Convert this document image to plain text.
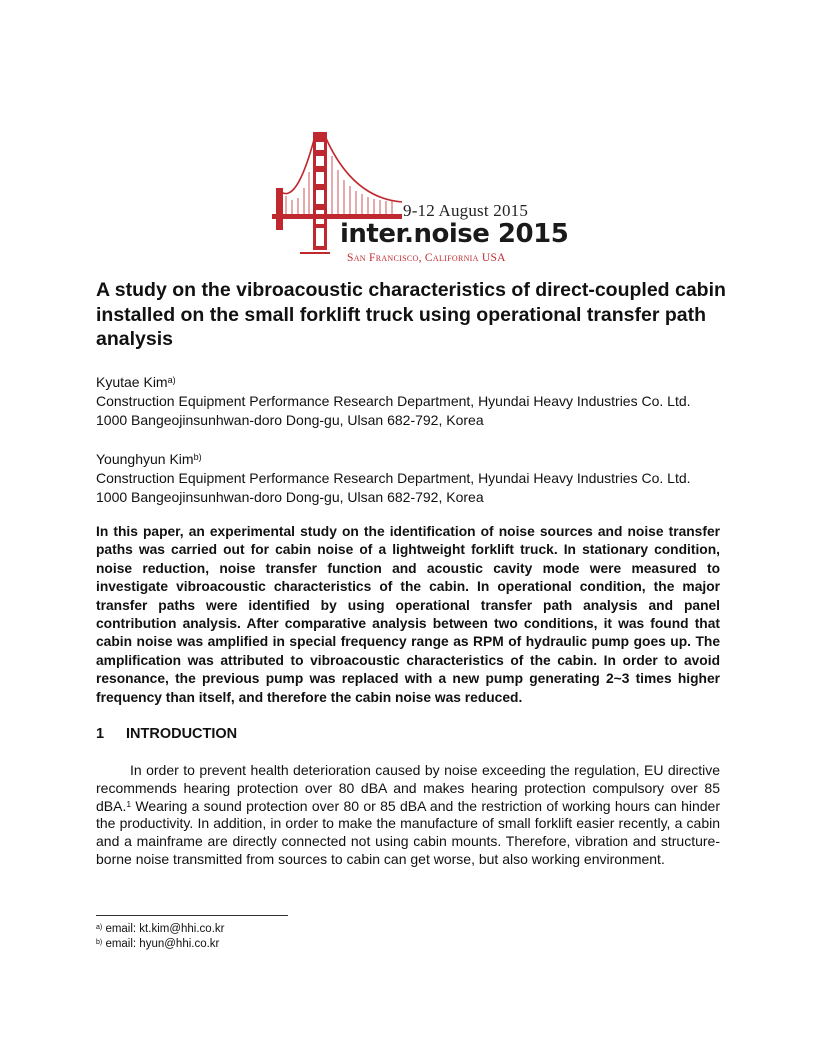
9-12 August 2015
inter.noise 2015
San Francisco, California USA
A study on the vibroacoustic characteristics of direct-coupled cabin installed on the small forklift truck using operational transfer path analysis
Kyutae Kim$^{a)}$
Construction Equipment Performance Research Department, Hyundai Heavy Industries Co. Ltd.
1000 Bangeojinsunhwan-doro Dong-gu, Ulsan 682-792, Korea
Younghyun Kim$^{b)}$
Construction Equipment Performance Research Department, Hyundai Heavy Industries Co. Ltd.
1000 Bangeojinsunhwan-doro Dong-gu, Ulsan 682-792, Korea
In this paper, an experimental study on the identification of noise sources and noise transfer paths was carried out for cabin noise of a lightweight forklift truck. In stationary condition, noise reduction, noise transfer function and acoustic cavity mode were measured to investigate vibroacoustic characteristics of the cabin. In operational condition, the major transfer paths were identified by using operational transfer path analysis and panel contribution analysis. After comparative analysis between two conditions, it was found that cabin noise was amplified in special frequency range as RPM of hydraulic pump goes up. The amplification was attributed to vibroacoustic characteristics of the cabin. In order to avoid resonance, the previous pump was replaced with a new pump generating 2~3 times higher frequency than itself, and therefore the cabin noise was reduced.
1 INTRODUCTION
In order to prevent health deterioration caused by noise exceeding the regulation, EU directive recommends hearing protection over 80 dBA and makes hearing protection compulsory over 85 dBA.$^1$ Wearing a sound protection over 80 or 85 dBA and the restriction of working hours can hinder the productivity. In addition, in order to make the manufacture of small forklift easier recently, a cabin and a mainframe are directly connected not using cabin mounts. Therefore, vibration and structure-borne noise transmitted from sources to cabin can get worse, but also working environment.
$^{a)}$ email: kt.kim@hhi.co.kr
$^{b)}$ email: hyun@hhi.co.kr
